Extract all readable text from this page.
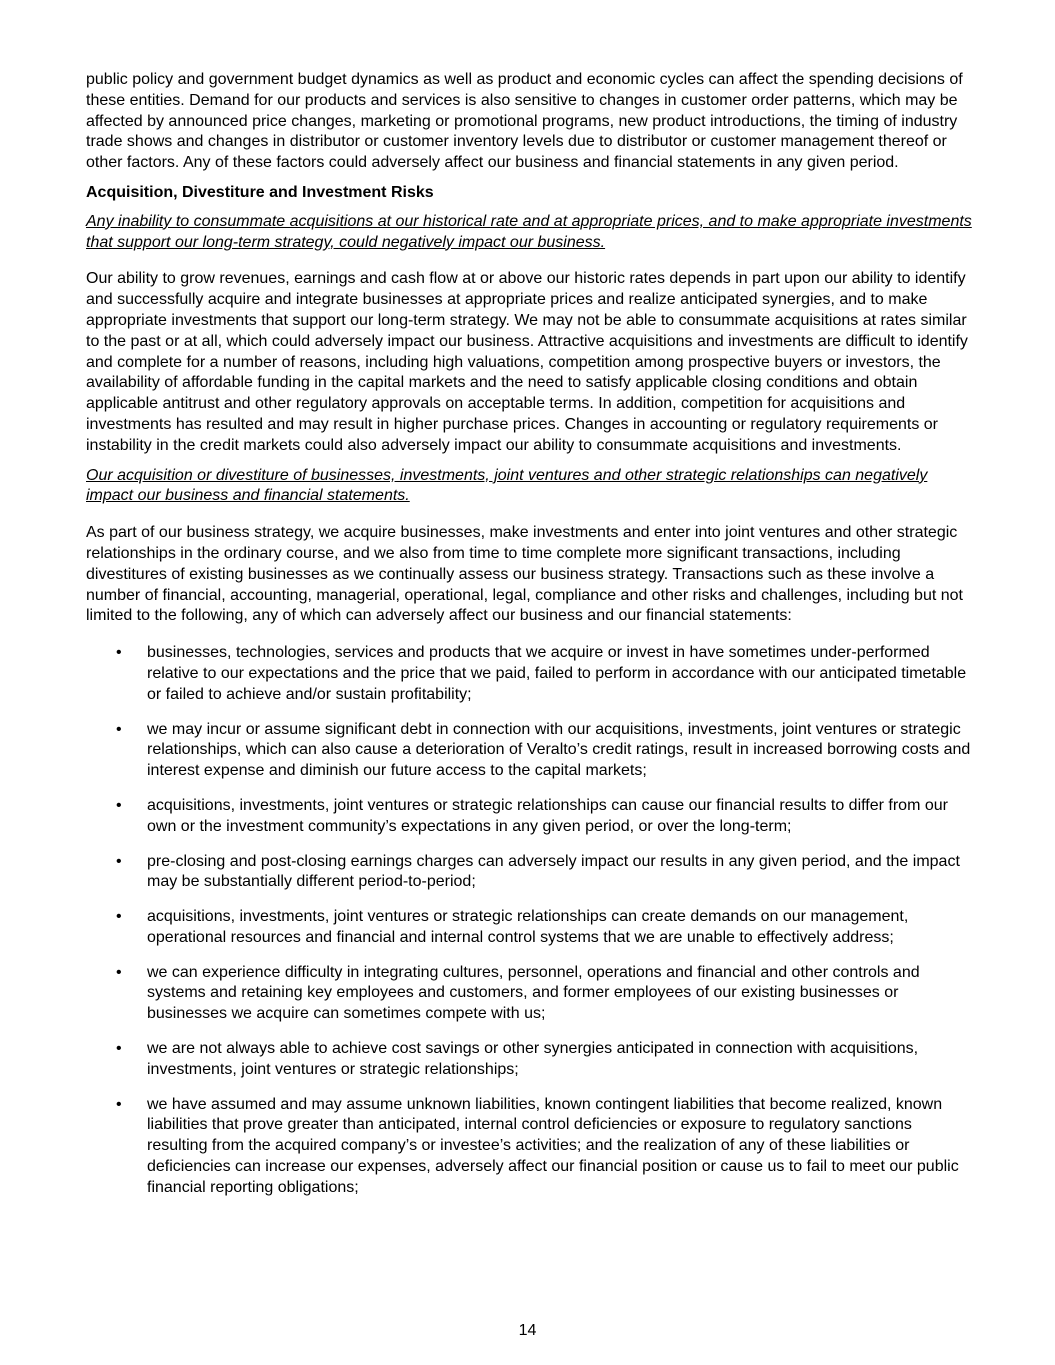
public policy and government budget dynamics as well as product and economic cycles can affect the spending decisions of these entities. Demand for our products and services is also sensitive to changes in customer order patterns, which may be affected by announced price changes, marketing or promotional programs, new product introductions, the timing of industry trade shows and changes in distributor or customer inventory levels due to distributor or customer management thereof or other factors. Any of these factors could adversely affect our business and financial statements in any given period.

Acquisition, Divestiture and Investment Risks

Any inability to consummate acquisitions at our historical rate and at appropriate prices, and to make appropriate investments that support our long-term strategy, could negatively impact our business.

Our ability to grow revenues, earnings and cash flow at or above our historic rates depends in part upon our ability to identify and successfully acquire and integrate businesses at appropriate prices and realize anticipated synergies, and to make appropriate investments that support our long-term strategy. We may not be able to consummate acquisitions at rates similar to the past or at all, which could adversely impact our business. Attractive acquisitions and investments are difficult to identify and complete for a number of reasons, including high valuations, competition among prospective buyers or investors, the availability of affordable funding in the capital markets and the need to satisfy applicable closing conditions and obtain applicable antitrust and other regulatory approvals on acceptable terms. In addition, competition for acquisitions and investments has resulted and may result in higher purchase prices. Changes in accounting or regulatory requirements or instability in the credit markets could also adversely impact our ability to consummate acquisitions and investments.

Our acquisition or divestiture of businesses, investments, joint ventures and other strategic relationships can negatively impact our business and financial statements.

As part of our business strategy, we acquire businesses, make investments and enter into joint ventures and other strategic relationships in the ordinary course, and we also from time to time complete more significant transactions, including divestitures of existing businesses as we continually assess our business strategy. Transactions such as these involve a number of financial, accounting, managerial, operational, legal, compliance and other risks and challenges, including but not limited to the following, any of which can adversely affect our business and our financial statements:

• businesses, technologies, services and products that we acquire or invest in have sometimes under-performed relative to our expectations and the price that we paid, failed to perform in accordance with our anticipated timetable or failed to achieve and/or sustain profitability;
• we may incur or assume significant debt in connection with our acquisitions, investments, joint ventures or strategic relationships, which can also cause a deterioration of Veralto’s credit ratings, result in increased borrowing costs and interest expense and diminish our future access to the capital markets;
• acquisitions, investments, joint ventures or strategic relationships can cause our financial results to differ from our own or the investment community’s expectations in any given period, or over the long-term;
• pre-closing and post-closing earnings charges can adversely impact our results in any given period, and the impact may be substantially different period-to-period;
• acquisitions, investments, joint ventures or strategic relationships can create demands on our management, operational resources and financial and internal control systems that we are unable to effectively address;
• we can experience difficulty in integrating cultures, personnel, operations and financial and other controls and systems and retaining key employees and customers, and former employees of our existing businesses or businesses we acquire can sometimes compete with us;
• we are not always able to achieve cost savings or other synergies anticipated in connection with acquisitions, investments, joint ventures or strategic relationships;
• we have assumed and may assume unknown liabilities, known contingent liabilities that become realized, known liabilities that prove greater than anticipated, internal control deficiencies or exposure to regulatory sanctions resulting from the acquired company’s or investee’s activities; and the realization of any of these liabilities or deficiencies can increase our expenses, adversely affect our financial position or cause us to fail to meet our public financial reporting obligations;
14
